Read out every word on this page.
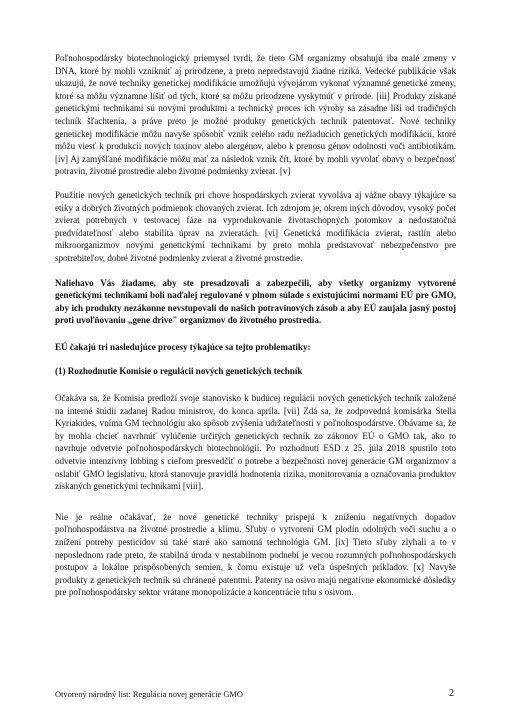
Poľnohospodársky biotechnologický priemysel tvrdí, že tieto GM organizmy obsahujú iba malé zmeny v DNA, ktoré by mohli vzniknúť aj prirodzene, a preto nepredstavujú žiadne riziká. Vedecké publikácie však ukazujú, že nové techniky genetickej modifikácie umožňujú vývojárom vykonať významné genetické zmeny, ktoré sa môžu významne líšiť od tých, ktoré sa môžu prirodzene vyskytnúť v prírode. [iii] Produkty získané genetickými technikami sú novými produktmi a technický proces ich výroby sa zásadne líši od tradičných techník šľachtenia, a práve preto je možné produkty genetických techník patentovať. Nové techniky genetickej modifikácie môžu navyše spôsobiť vznik celého radu nežiaducich genetických modifikácií, ktoré môžu viesť k produkcii nových toxínov alebo alergénov, alebo k prenosu génov odolnosti voči antibiotikám. [iv] Aj zamýšľané modifikácie môžu mať za následok vznik čŕt, ktoré by mohli vyvolať obavy o bezpečnosť potravín, životné prostredie alebo životné podmienky zvierat. [v]

Použitie nových genetických techník pri chove hospodárskych zvierat vyvoláva aj vážne obavy týkajúce sa etiky a dobrých životných podmienok chovaných zvierat. Ich zdrojom je, okrem iných dôvodov, vysoký počet zvierat potrebných v testovacej fáze na vyprodukovanie životaschopných potomkov a nedostatočná predvídateľnosť alebo stabilita úprav na zvieratách. [vi] Genetická modifikácia zvierat, rastlín alebo mikroorganizmov novými genetickými technikami by preto mohla predstavovať nebezpečenstvo pre spotrebiteľov, dobré životné podmienky zvierat a životné prostredie.

Naliehavo Vás žiadame, aby ste presadzovali a zabezpečili, aby všetky organizmy vytvorené genetickými technikami boli naďalej regulované v plnom súlade s existujúcimi normami EÚ pre GMO, aby ich produkty nezákonne nevstupovali do našich potravinových zásob a aby EÚ zaujala jasný postoj proti uvoľňovaniu „gene drive" organizmov do životného prostredia.

EÚ čakajú tri nasledujúce procesy týkajúce sa tejto problematiky:

(1) Rozhodnutie Komisie o regulácii nových genetických techník

Očakáva sa, že Komisia predloží svoje stanovisko k budúcej regulácii nových genetických techník založené na interné štúdii zadanej Radou ministrov, do konca apríla. [vii] Zdá sa, že zodpovedná komisárka Stella Kyriakides, vníma GM technológiu ako spôsob zvýšenia udržateľnosti v poľnohospodárstve. Obávame sa, že by mohla chcieť navrhnúť vylúčenie určitých genetických techník zo zákonov EÚ o GMO tak, ako to navrhuje odvetvie poľnohospodárskych biotechnológií. Po rozhodnutí ESD z 25. júla 2018 spustilo toto odvetvie intenzívny lobbing s cieľom presvedčiť o potrebe a bezpečnosti novej generácie GM organizmov a oslabiť GMO legislatívu, ktorá stanovuje pravidlá hodnotenia rizika, monitorovania a označovania produktov získaných genetickými technikami [viii].

Nie je reálne očakávať, že nové genetické techniky prispejú k zníženiu negatívnych dopadov poľnohospodárstva na životné prostredie a klímu. Sľuby o vytvorení GM plodín odolných voči suchu a o znížení potreby pesticídov sú také staré ako samotná technológia GM. [ix] Tieto sľuby zlyhali a to v neposlednom rade preto, že stabilná úroda v nestabilnom podnebí je vecou rozumných poľnohospodárskych postupov a lokálne prispôsobených semien, k čomu existuje už veľa úspešných príkladov. [x] Navyše produkty z genetických techník sú chránené patentmi. Patenty na osivo majú negatívne ekonomické dôsledky pre poľnohospodársky sektor vrátane monopolizácie a koncentrácie trhu s osivom.

Otvorený národný list: Regulácia novej generácie GMO	2
